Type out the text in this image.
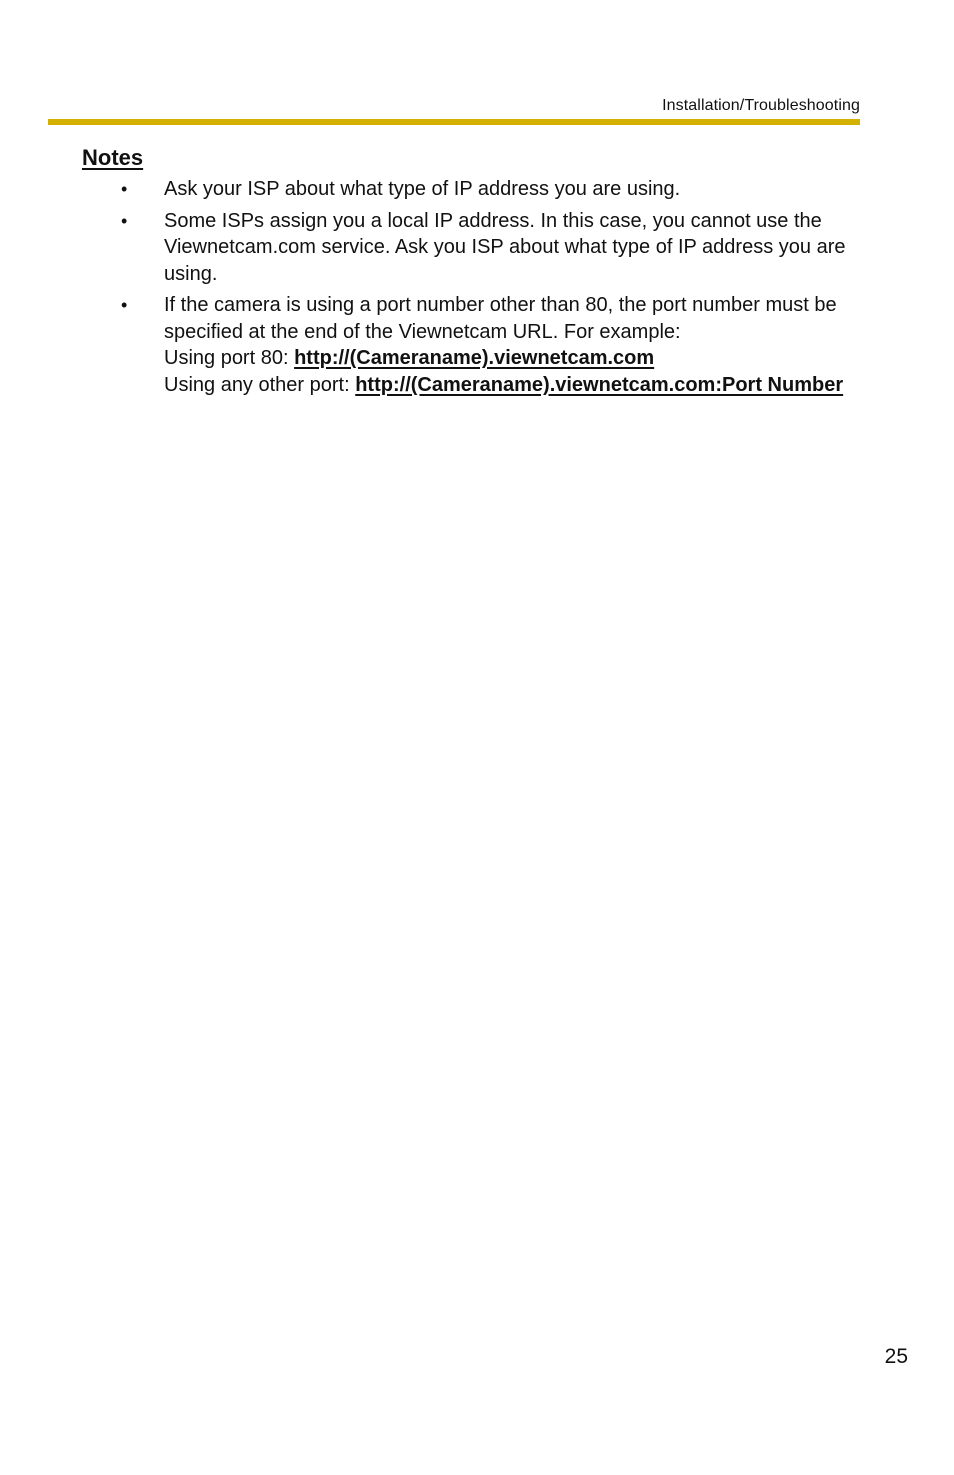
Installation/Troubleshooting
Notes
• Ask your ISP about what type of IP address you are using.
• Some ISPs assign you a local IP address. In this case, you cannot use the Viewnetcam.com service. Ask you ISP about what type of IP address you are using.
• If the camera is using a port number other than 80, the port number must be specified at the end of the Viewnetcam URL. For example:
Using port 80: http://(Cameraname).viewnetcam.com
Using any other port: http://(Cameraname).viewnetcam.com:Port Number
25
